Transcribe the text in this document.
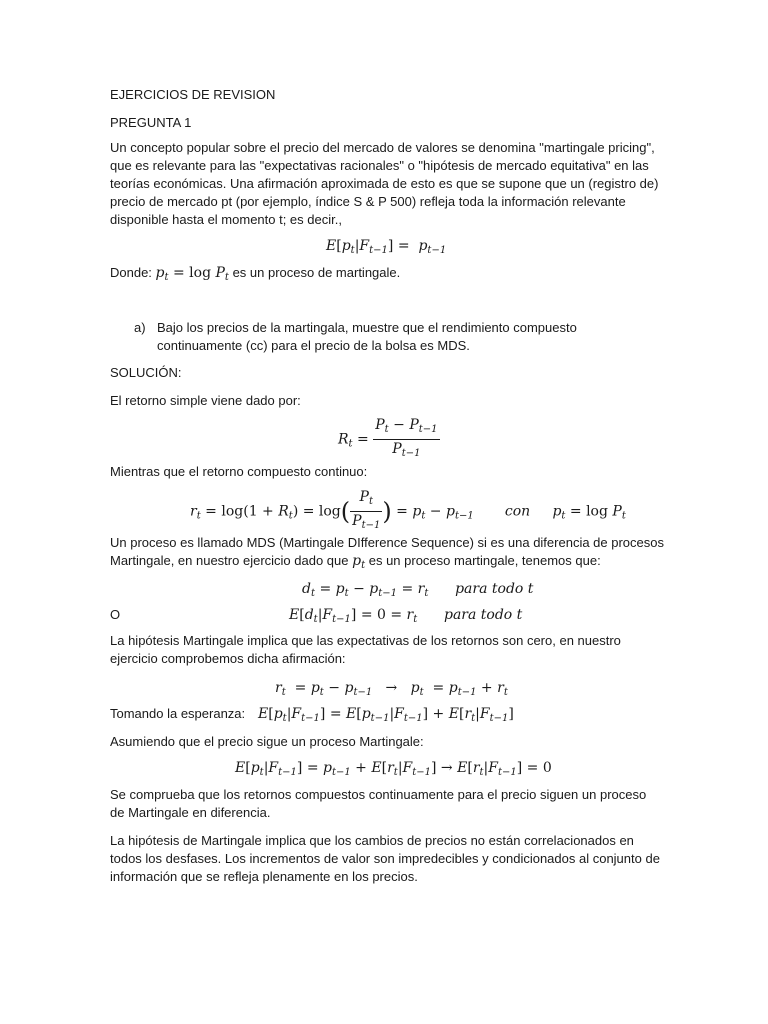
EJERCICIOS DE REVISION
PREGUNTA 1
Un concepto popular sobre el precio del mercado de valores se denomina "martingale pricing",
que es relevante para las "expectativas racionales" o "hipótesis de mercado equitativa" en las
teorías económicas. Una afirmación aproximada de esto es que se supone que un (registro de)
precio de mercado pt (por ejemplo, índice S & P 500) refleja toda la información relevante
disponible hasta el momento t; es decir.,
$E[p_t|F_{t-1}] = p_{t-1}$
Donde: $p_t = \log P_t$ es un proceso de martingale.
a) Bajo los precios de la martingala, muestre que el rendimiento compuesto
continuamente (cc) para el precio de la bolsa es MDS.
SOLUCIÓN:
El retorno simple viene dado por:
$R_t = \frac{P_t - P_{t-1}}{P_{t-1}}$
Mientras que el retorno compuesto continuo:
$r_t = \log(1 + R_t) = \log( \frac{P_t}{P_{t-1}}$ ) = $p_t - p_{t-1}$ con $p_t = \log P_t$
Un proceso es llamado MDS (Martingale DIfference Sequence) si es una diferencia de procesos
Martingale, en nuestro ejercicio dado que $p_t$ es un proceso martingale, tenemos que:
$d_t = p_t - p_{t-1} = r_t$ para todo t
O	$E[d_t|F_{t-1}] = 0 = r_t$ para todo t
La hipótesis Martingale implica que las expectativas de los retornos son cero, en nuestro
ejercicio comprobemos dicha afirmación:
$r_t = p_t - p_{t-1} \to p_t = p_{t-1} + r_t$
Tomando la esperanza: $E[p_t|F_{t-1}] = E[p_{t-1}|F_{t-1}] + E[r_t|F_{t-1}]$
Asumiendo que el precio sigue un proceso Martingale:
$E[p_t|F_{t-1}] = p_{t-1} + E[r_t|F_{t-1}] \to E[r_t|F_{t-1}] = 0$
Se comprueba que los retornos compuestos continuamente para el precio siguen un proceso
de Martingale en diferencia.
La hipótesis de Martingale implica que los cambios de precios no están correlacionados en
todos los desfases. Los incrementos de valor son impredecibles y condicionados al conjunto de
información que se refleja plenamente en los precios.
